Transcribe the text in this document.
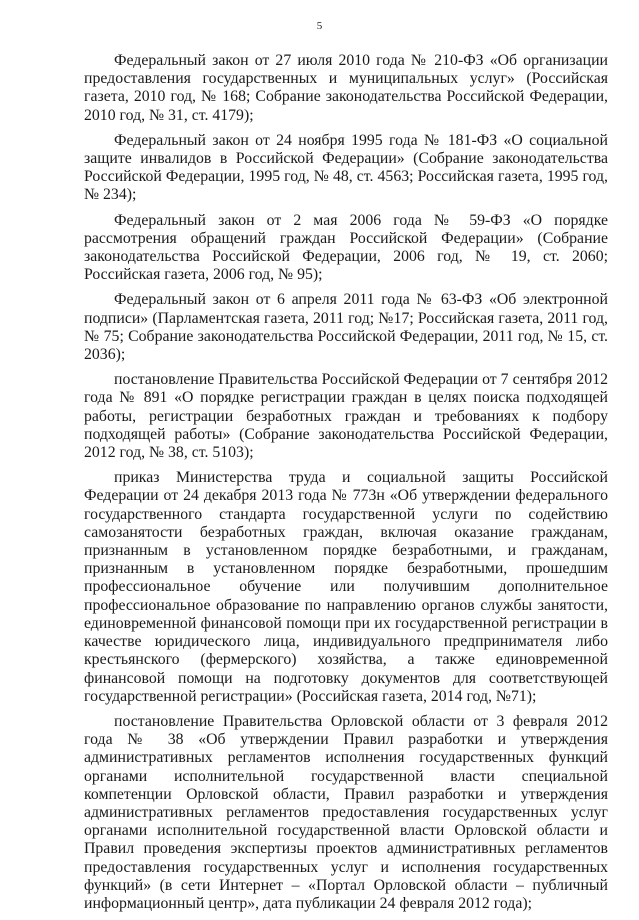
5

Федеральный закон от 27 июля 2010 года № 210-ФЗ «Об организации предоставления государственных и муниципальных услуг» (Российская газета, 2010 год, № 168; Собрание законодательства Российской Федерации, 2010 год, № 31, ст. 4179);

Федеральный закон от 24 ноября 1995 года № 181-ФЗ «О социальной защите инвалидов в Российской Федерации» (Собрание законодательства Российской Федерации, 1995 год, № 48, ст. 4563; Российская газета, 1995 год, № 234);

Федеральный закон от 2 мая 2006 года № 59-ФЗ «О порядке рассмотрения обращений граждан Российской Федерации» (Собрание законодательства Российской Федерации, 2006 год, № 19, ст. 2060; Российская газета, 2006 год, № 95);

Федеральный закон от 6 апреля 2011 года № 63-ФЗ «Об электронной подписи» (Парламентская газета, 2011 год; №17; Российская газета, 2011 год, № 75; Собрание законодательства Российской Федерации, 2011 год, № 15, ст. 2036);

постановление Правительства Российской Федерации от 7 сентября 2012 года № 891 «О порядке регистрации граждан в целях поиска подходящей работы, регистрации безработных граждан и требованиях к подбору подходящей работы» (Собрание законодательства Российской Федерации, 2012 год, № 38, ст. 5103);

приказ Министерства труда и социальной защиты Российской Федерации от 24 декабря 2013 года № 773н «Об утверждении федерального государственного стандарта государственной услуги по содействию самозанятости безработных граждан, включая оказание гражданам, признанным в установленном порядке безработными, и гражданам, признанным в установленном порядке безработными, прошедшим профессиональное обучение или получившим дополнительное профессиональное образование по направлению органов службы занятости, единовременной финансовой помощи при их государственной регистрации в качестве юридического лица, индивидуального предпринимателя либо крестьянского (фермерского) хозяйства, а также единовременной финансовой помощи на подготовку документов для соответствующей государственной регистрации» (Российская газета, 2014 год, №71);

постановление Правительства Орловской области от 3 февраля 2012 года № 38 «Об утверждении Правил разработки и утверждения административных регламентов исполнения государственных функций органами исполнительной государственной власти специальной компетенции Орловской области, Правил разработки и утверждения административных регламентов предоставления государственных услуг органами исполнительной государственной власти Орловской области и Правил проведения экспертизы проектов административных регламентов предоставления государственных услуг и исполнения государственных функций» (в сети Интернет – «Портал Орловской области – публичный информационный центр», дата публикации 24 февраля 2012 года);
